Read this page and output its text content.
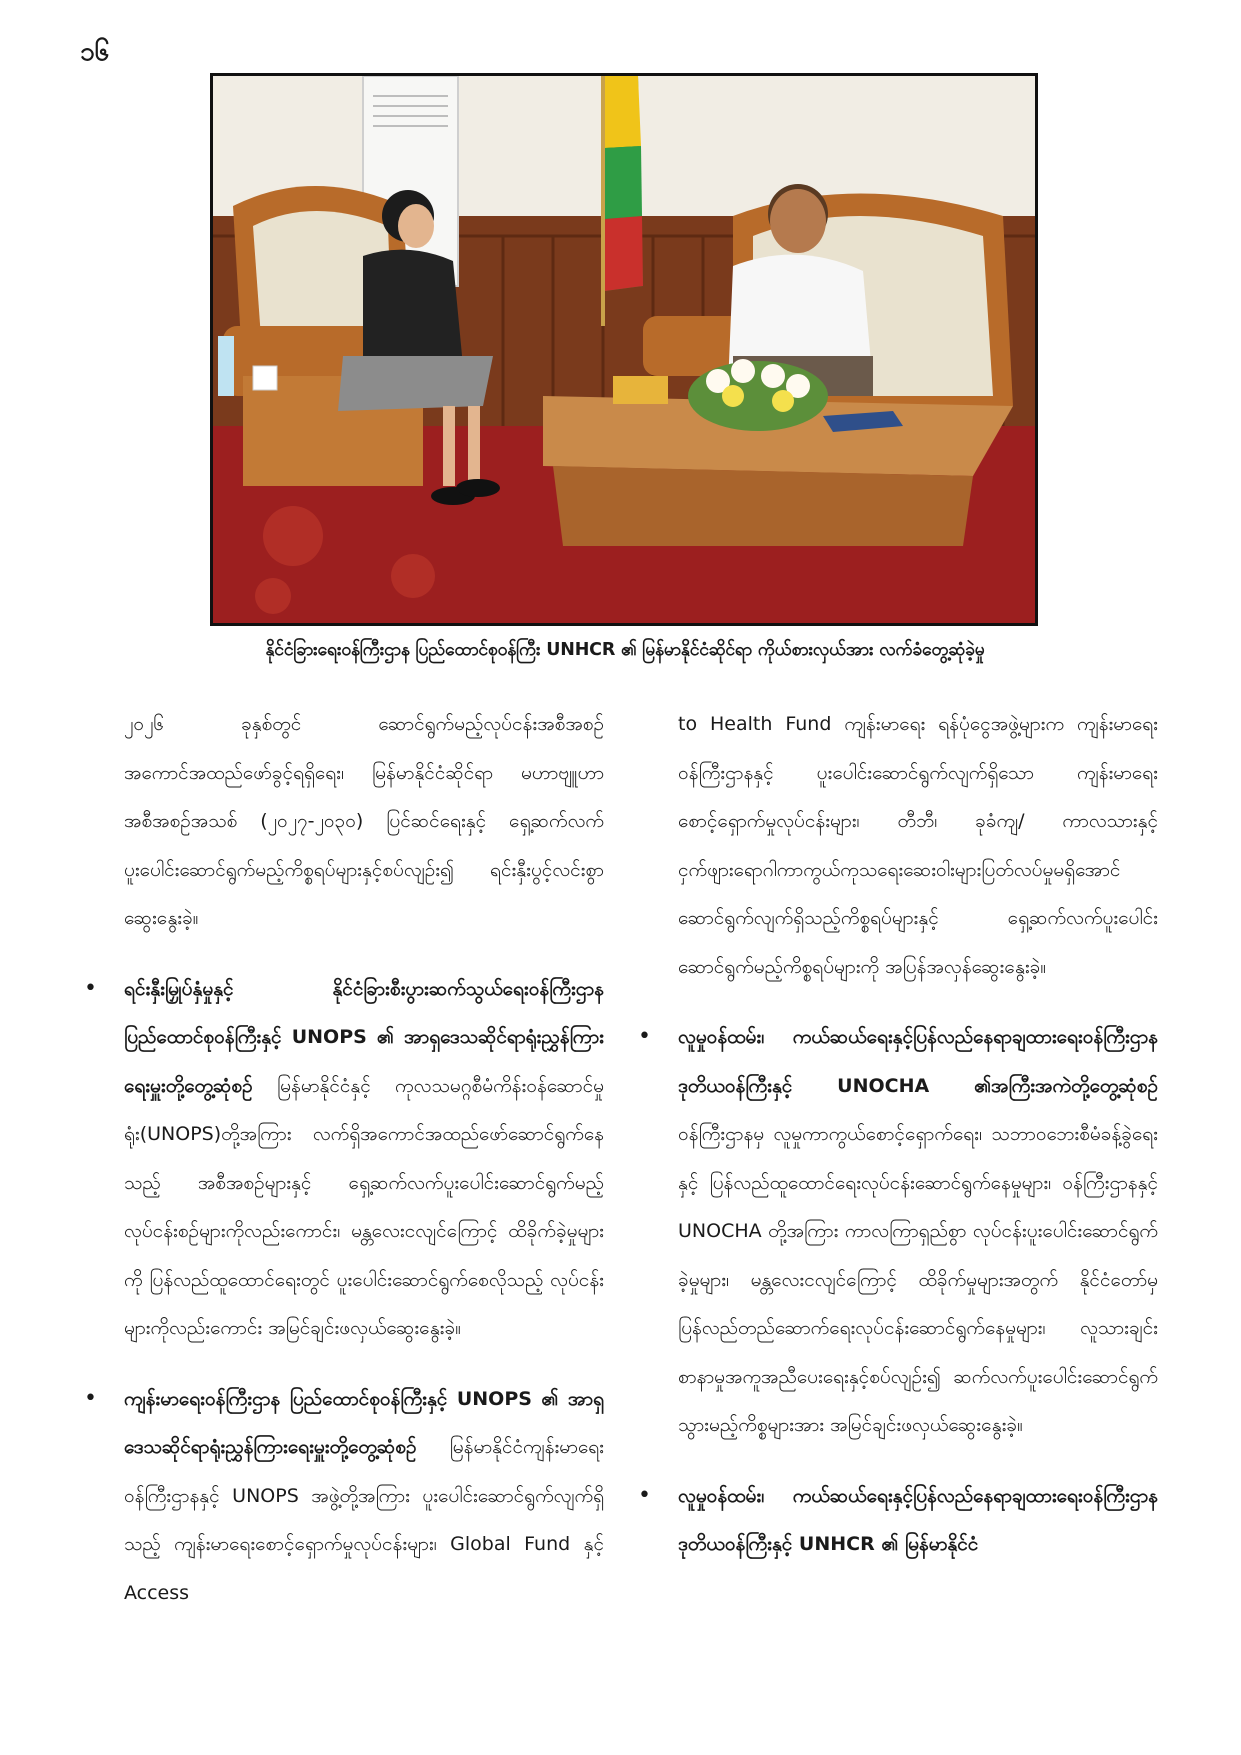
၁၆
နိုင်ငံခြားရေးဝန်ကြီးဌာန ပြည်ထောင်စုဝန်ကြီး UNHCR ၏ မြန်မာနိုင်ငံဆိုင်ရာ ကိုယ်စားလှယ်အား လက်ခံတွေ့ဆုံခဲ့မှု

၂၀၂၆ ခုနှစ်တွင် ဆောင်ရွက်မည့်လုပ်ငန်းအစီအစဉ် အကောင်အထည်ဖော်ခွင့်ရရှိရေး၊ မြန်မာနိုင်ငံဆိုင်ရာ မဟာဗျူဟာအစီအစဉ်အသစ် (၂၀၂၇-၂၀၃၀) ပြင်ဆင်ရေးနှင့် ရှေ့ဆက်လက်ပူးပေါင်းဆောင်ရွက်မည့်ကိစ္စရပ်များနှင့်စပ်လျဉ်း၍ ရင်းနှီးပွင့်လင်းစွာ ဆွေးနွေးခဲ့။

• ရင်းနှီးမြှုပ်နှံမှုနှင့် နိုင်ငံခြားစီးပွားဆက်သွယ်ရေးဝန်ကြီးဌာန ပြည်ထောင်စုဝန်ကြီးနှင့် UNOPS ၏ အာရှဒေသဆိုင်ရာရုံးညွှန်ကြားရေးမှူးတို့တွေ့ဆုံစဉ် မြန်မာနိုင်ငံနှင့် ကုလသမဂ္ဂစီမံကိန်းဝန်ဆောင်မှုရုံး(UNOPS)တို့အကြား လက်ရှိအကောင်အထည်ဖော်ဆောင်ရွက်နေသည့် အစီအစဉ်များနှင့် ရှေ့ဆက်လက်ပူးပေါင်းဆောင်ရွက်မည့် လုပ်ငန်းစဉ်များကိုလည်းကောင်း၊ မန္တလေးငလျင်ကြောင့် ထိခိုက်ခဲ့မှုများကို ပြန်လည်ထူထောင်ရေးတွင် ပူးပေါင်းဆောင်ရွက်စေလိုသည့် လုပ်ငန်းများကိုလည်းကောင်း အမြင်ချင်းဖလှယ်ဆွေးနွေးခဲ့။

• ကျန်းမာရေးဝန်ကြီးဌာန ပြည်ထောင်စုဝန်ကြီးနှင့် UNOPS ၏ အာရှဒေသဆိုင်ရာရုံးညွှန်ကြားရေးမှူးတို့တွေ့ဆုံစဉ် မြန်မာနိုင်ငံကျန်းမာရေးဝန်ကြီးဌာနနှင့် UNOPS အဖွဲ့တို့အကြား ပူးပေါင်းဆောင်ရွက်လျက်ရှိသည့် ကျန်းမာရေးစောင့်ရှောက်မှုလုပ်ငန်းများ၊ Global Fund နှင့် Access

to Health Fund ကျန်းမာရေး ရန်ပုံငွေအဖွဲ့များက ကျန်းမာရေးဝန်ကြီးဌာနနှင့် ပူးပေါင်းဆောင်ရွက်လျက်ရှိသော ကျန်းမာရေးစောင့်ရှောက်မှုလုပ်ငန်းများ၊ တီဘီ၊ ခုခံကျ/ ကာလသားနှင့် ငှက်ဖျားရောဂါကာကွယ်ကုသရေးဆေးဝါးများပြတ်လပ်မှုမရှိအောင်ဆောင်ရွက်လျက်ရှိသည့်ကိစ္စရပ်များနှင့် ရှေ့ဆက်လက်ပူးပေါင်းဆောင်ရွက်မည့်ကိစ္စရပ်များကို အပြန်အလှန်ဆွေးနွေးခဲ့။

• လူမှုဝန်ထမ်း၊ ကယ်ဆယ်ရေးနှင့်ပြန်လည်နေရာချထားရေးဝန်ကြီးဌာန ဒုတိယဝန်ကြီးနှင့် UNOCHA ၏အကြီးအကဲတို့တွေ့ဆုံစဉ် ဝန်ကြီးဌာနမှ လူမှုကာကွယ်စောင့်ရှောက်ရေး၊ သဘာဝဘေးစီမံခန့်ခွဲရေးနှင့် ပြန်လည်ထူထောင်ရေးလုပ်ငန်းဆောင်ရွက်နေမှုများ၊ ဝန်ကြီးဌာနနှင့် UNOCHA တို့အကြား ကာလကြာရှည်စွာ လုပ်ငန်းပူးပေါင်းဆောင်ရွက်ခဲ့မှုများ၊ မန္တလေးငလျင်ကြောင့် ထိခိုက်မှုများအတွက် နိုင်ငံတော်မှ ပြန်လည်တည်ဆောက်ရေးလုပ်ငန်းဆောင်ရွက်နေမှုများ၊ လူသားချင်းစာနာမှုအကူအညီပေးရေးနှင့်စပ်လျဉ်း၍ ဆက်လက်ပူးပေါင်းဆောင်ရွက်သွားမည့်ကိစ္စများအား အမြင်ချင်းဖလှယ်ဆွေးနွေးခဲ့။

• လူမှုဝန်ထမ်း၊ ကယ်ဆယ်ရေးနှင့်ပြန်လည်နေရာချထားရေးဝန်ကြီးဌာန ဒုတိယဝန်ကြီးနှင့် UNHCR ၏ မြန်မာနိုင်ငံ
